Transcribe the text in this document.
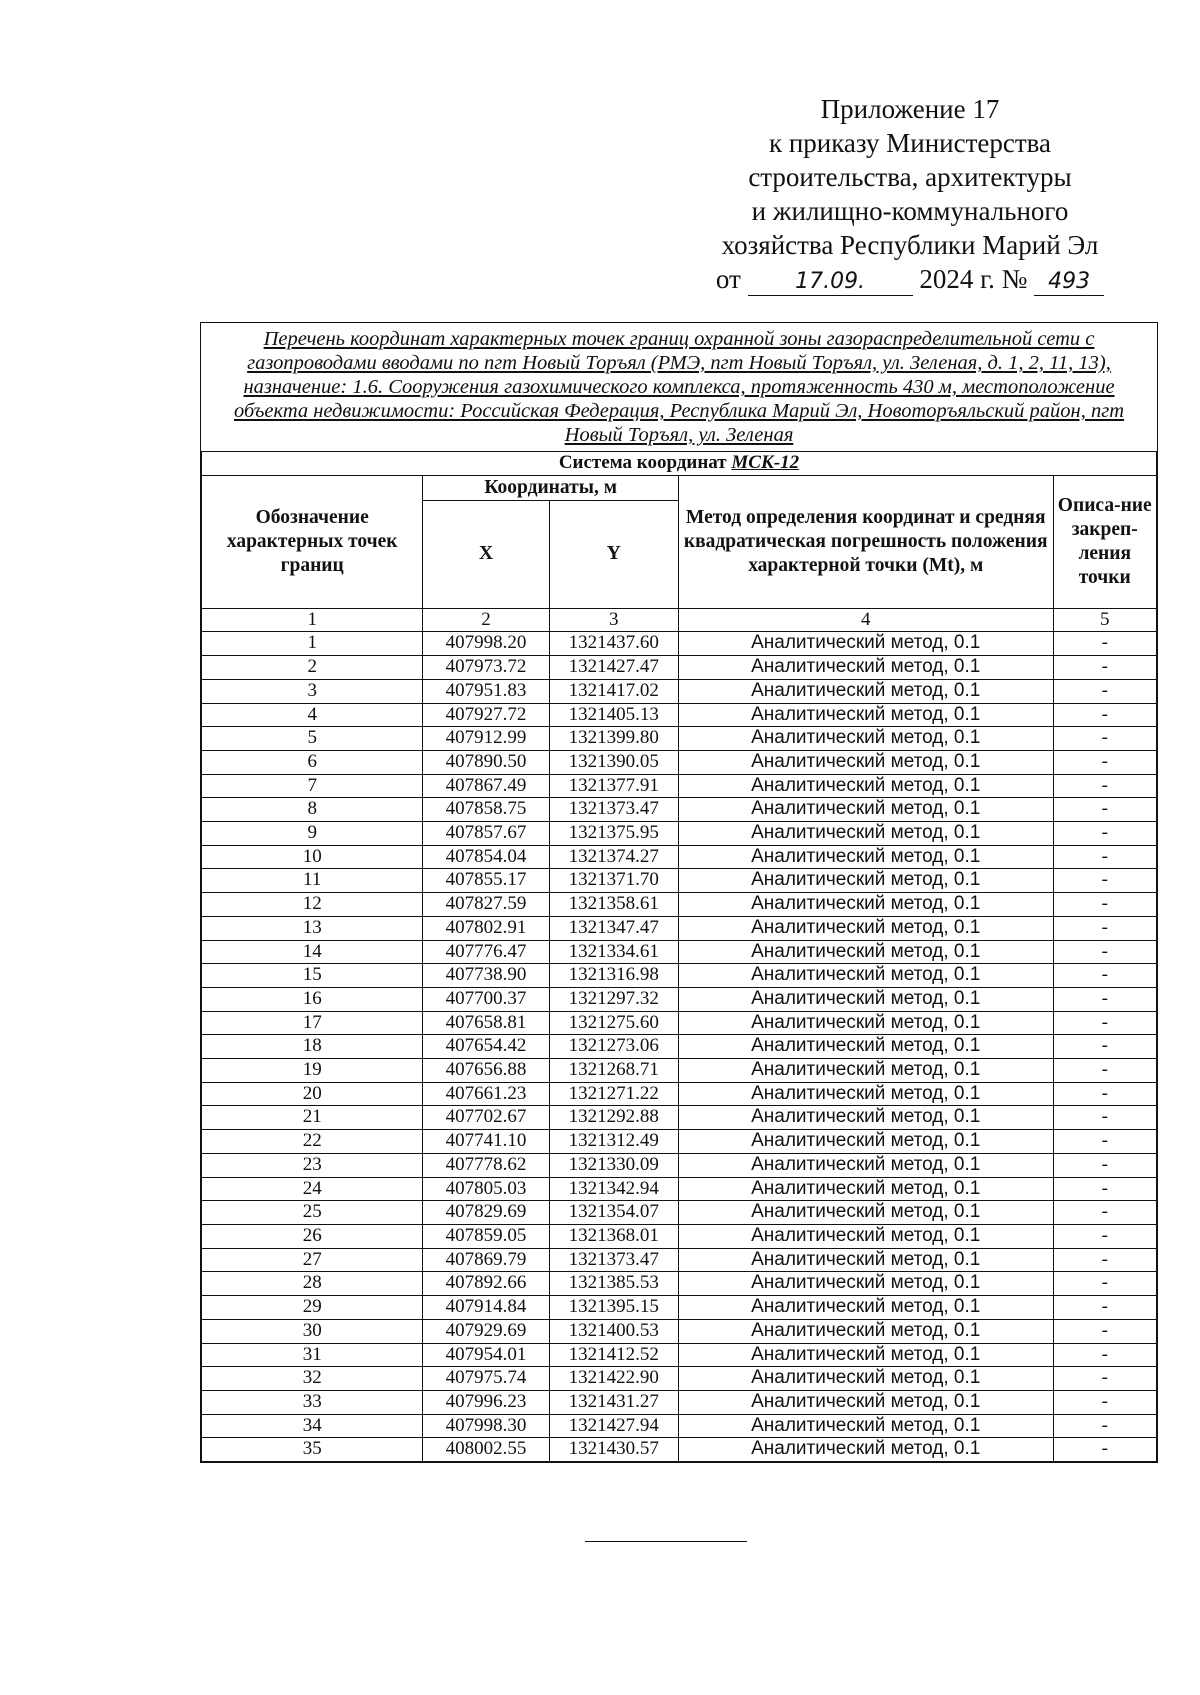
Приложение 17
к приказу Министерства
строительства, архитектуры
и жилищно-коммунального
хозяйства Республики Марий Эл
от 17.09. 2024 г. № 493
Перечень координат характерных точек границ охранной зоны газораспределительной сети с газопроводами вводами по пгт Новый Торъял (РМЭ, пгт Новый Торъял, ул. Зеленая, д. 1, 2, 11, 13), назначение: 1.6. Сооружения газохимического комплекса, протяженность 430 м, местоположение объекта недвижимости: Российская Федерация, Республика Марий Эл, Новоторъяльский район, пгт Новый Торъял, ул. Зеленая
Система координат МСК-12				
Обозначение характерных точек границ	Координаты, м		Метод определения координат и средняя квадратическая погрешность положения характерной точки (Mt), м	Описа-ние закреп-ления точки
	X	Y		
1	2	3	4	5
1	407998.20	1321437.60	Аналитический метод, 0.1	-
2	407973.72	1321427.47	Аналитический метод, 0.1	-
3	407951.83	1321417.02	Аналитический метод, 0.1	-
4	407927.72	1321405.13	Аналитический метод, 0.1	-
5	407912.99	1321399.80	Аналитический метод, 0.1	-
6	407890.50	1321390.05	Аналитический метод, 0.1	-
7	407867.49	1321377.91	Аналитический метод, 0.1	-
8	407858.75	1321373.47	Аналитический метод, 0.1	-
9	407857.67	1321375.95	Аналитический метод, 0.1	-
10	407854.04	1321374.27	Аналитический метод, 0.1	-
11	407855.17	1321371.70	Аналитический метод, 0.1	-
12	407827.59	1321358.61	Аналитический метод, 0.1	-
13	407802.91	1321347.47	Аналитический метод, 0.1	-
14	407776.47	1321334.61	Аналитический метод, 0.1	-
15	407738.90	1321316.98	Аналитический метод, 0.1	-
16	407700.37	1321297.32	Аналитический метод, 0.1	-
17	407658.81	1321275.60	Аналитический метод, 0.1	-
18	407654.42	1321273.06	Аналитический метод, 0.1	-
19	407656.88	1321268.71	Аналитический метод, 0.1	-
20	407661.23	1321271.22	Аналитический метод, 0.1	-
21	407702.67	1321292.88	Аналитический метод, 0.1	-
22	407741.10	1321312.49	Аналитический метод, 0.1	-
23	407778.62	1321330.09	Аналитический метод, 0.1	-
24	407805.03	1321342.94	Аналитический метод, 0.1	-
25	407829.69	1321354.07	Аналитический метод, 0.1	-
26	407859.05	1321368.01	Аналитический метод, 0.1	-
27	407869.79	1321373.47	Аналитический метод, 0.1	-
28	407892.66	1321385.53	Аналитический метод, 0.1	-
29	407914.84	1321395.15	Аналитический метод, 0.1	-
30	407929.69	1321400.53	Аналитический метод, 0.1	-
31	407954.01	1321412.52	Аналитический метод, 0.1	-
32	407975.74	1321422.90	Аналитический метод, 0.1	-
33	407996.23	1321431.27	Аналитический метод, 0.1	-
34	407998.30	1321427.94	Аналитический метод, 0.1	-
35	408002.55	1321430.57	Аналитический метод, 0.1	-
